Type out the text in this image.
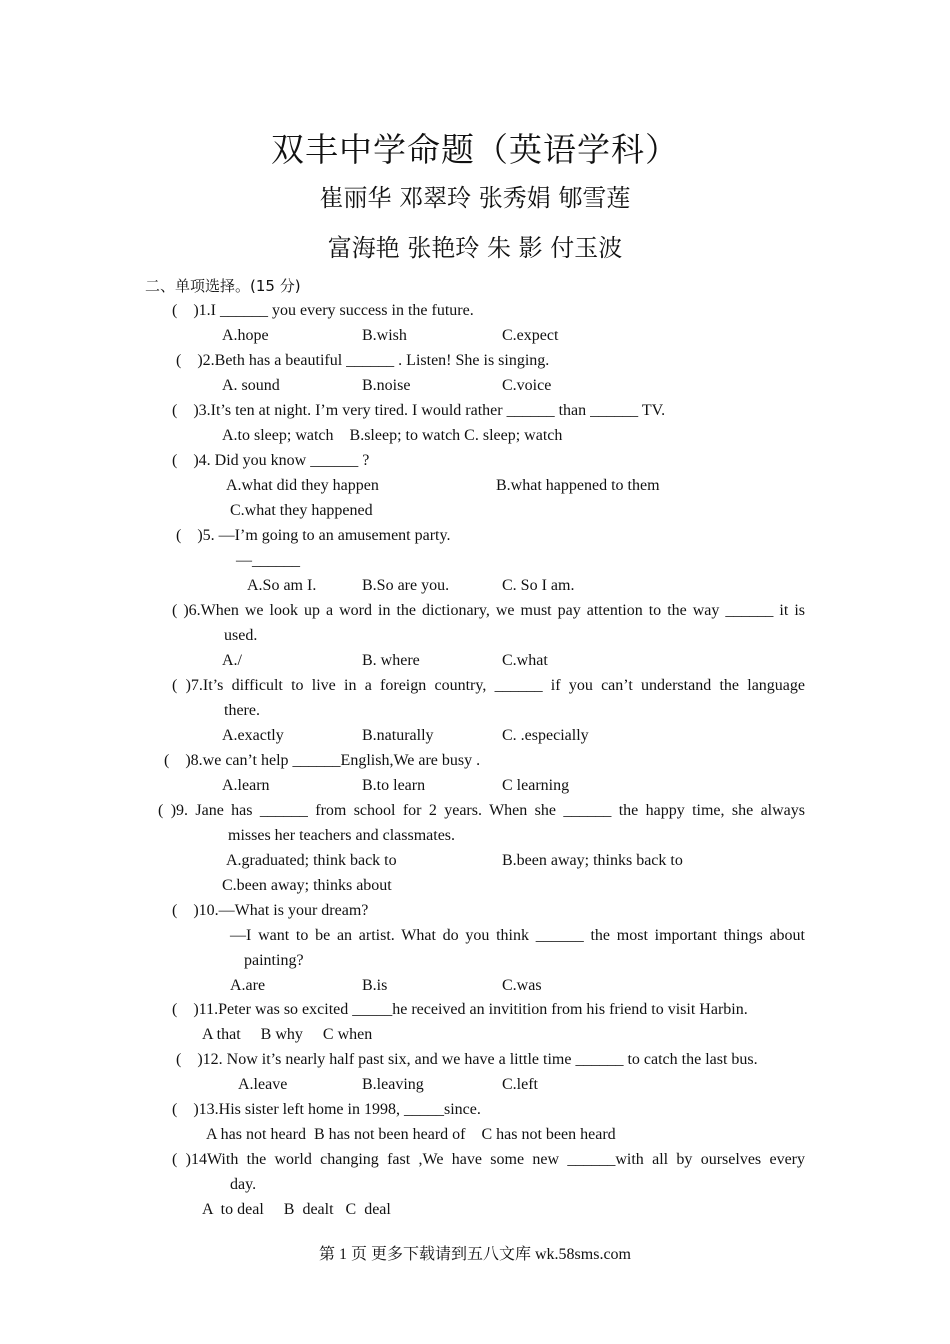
双丰中学命题（英语学科）
崔丽华 邓翠玲 张秀娟 郇雪莲
富海艳 张艳玲 朱 影 付玉波
二、单项选择。(15 分)
(    )1.I ______ you every success in the future.
A.hope	B.wish	C.expect
(    )2.Beth has a beautiful ______ . Listen! She is singing.
A. sound	B.noise	C.voice
(    )3.It’s ten at night. I’m very tired. I would rather ______ than ______ TV.
A.to sleep; watch    B.sleep; to watch C. sleep; watch
(    )4. Did you know ______ ?
A.what did they happen	B.what happened to them
C.what they happened
(    )5. —I’m going to an amusement party.
—______
A.So am I.	B.So are you.	C. So I am.
( )6.When we look up a word in the dictionary, we must pay attention to the way ______ it is
used.
A./	B. where	C.what
( )7.It’s difficult to live in a foreign country, ______ if you can’t understand the language
there.
A.exactly	B.naturally	C. .especially
(    )8.we can’t help ______English,We are busy .
A.learn	B.to learn	C learning
( )9. Jane has ______ from school for 2 years. When she ______ the happy time, she always
misses her teachers and classmates.
A.graduated; think back to	B.been away; thinks back to
C.been away; thinks about
(    )10.—What is your dream?
—I want to be an artist. What do you think ______ the most important things about
painting?
A.are	B.is	C.was
(    )11.Peter was so excited _____he received an invitition from his friend to visit Harbin.
A that     B why     C when
(    )12. Now it’s nearly half past six, and we have a little time ______ to catch the last bus.
A.leave	B.leaving	C.left
(    )13.His sister left home in 1998, _____since.
A has not heard  B has not been heard of    C has not been heard
( )14With the world changing fast ,We have some new ______with all by ourselves every
day.
A  to deal     B  dealt   C  deal
第 1 页 更多下载请到五八文库 wk.58sms.com
